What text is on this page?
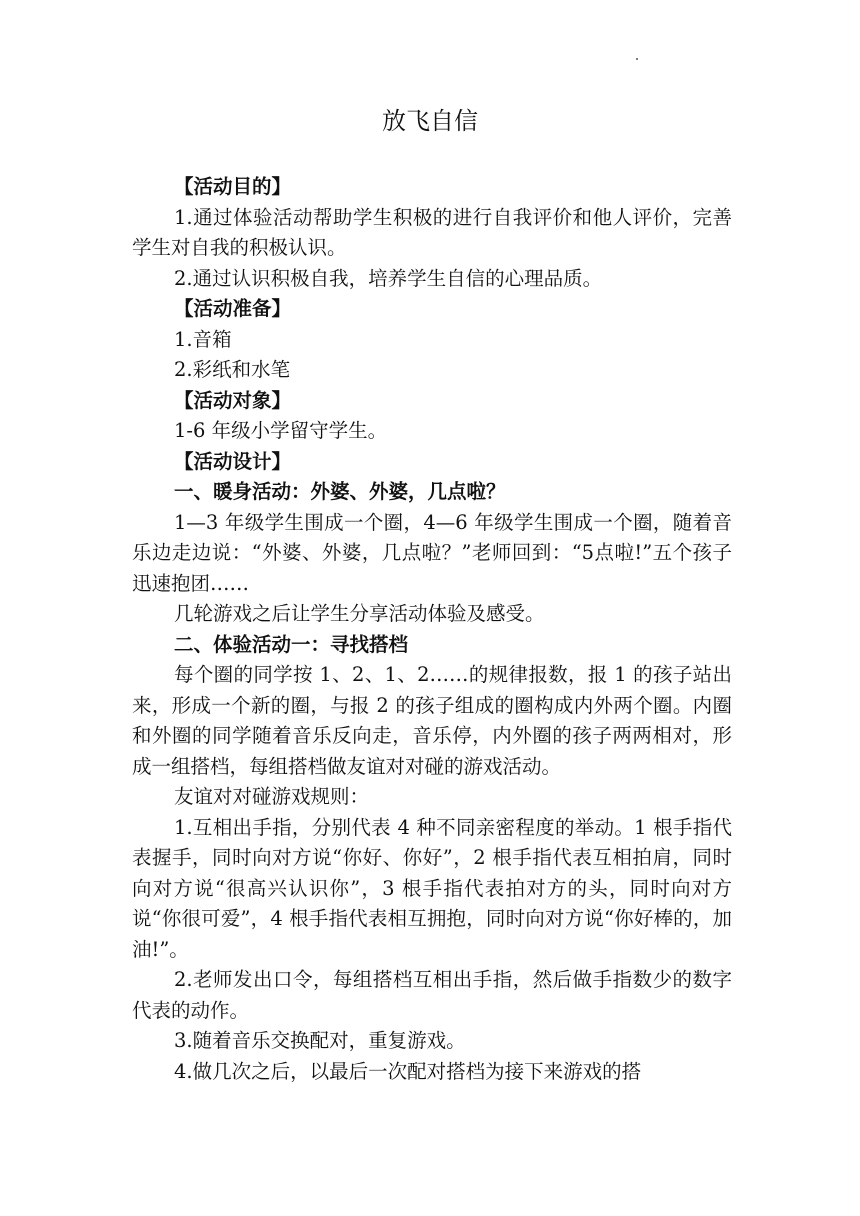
放飞自信
【活动目的】

1.通过体验活动帮助学生积极的进行自我评价和他人评价，完善学生对自我的积极认识。

2.通过认识积极自我，培养学生自信的心理品质。

【活动准备】

1.音箱

2.彩纸和水笔

【活动对象】

1-6 年级小学留守学生。

【活动设计】
一、暖身活动：外婆、外婆，几点啦？

1—3 年级学生围成一个圈，4—6 年级学生围成一个圈，随着音乐边走边说：“外婆、外婆，几点啦？”老师回到：“5点啦!”五个孩子迅速抱团……

几轮游戏之后让学生分享活动体验及感受。

二、体验活动一：寻找搭档

每个圈的同学按 1、2、1、2……的规律报数，报 1 的孩子站出来，形成一个新的圈，与报 2 的孩子组成的圈构成内外两个圈。内圈和外圈的同学随着音乐反向走，音乐停，内外圈的孩子两两相对，形成一组搭档，每组搭档做友谊对对碰的游戏活动。

友谊对对碰游戏规则：

1.互相出手指，分别代表 4 种不同亲密程度的举动。1 根手指代表握手，同时向对方说“你好、你好”，2 根手指代表互相拍肩，同时向对方说“很高兴认识你”，3 根手指代表拍对方的头，同时向对方说“你很可爱”，4 根手指代表相互拥抱，同时向对方说“你好棒的，加油!”。

2.老师发出口令，每组搭档互相出手指，然后做手指数少的数字代表的动作。

3.随着音乐交换配对，重复游戏。

4.做几次之后，以最后一次配对搭档为接下来游戏的搭
